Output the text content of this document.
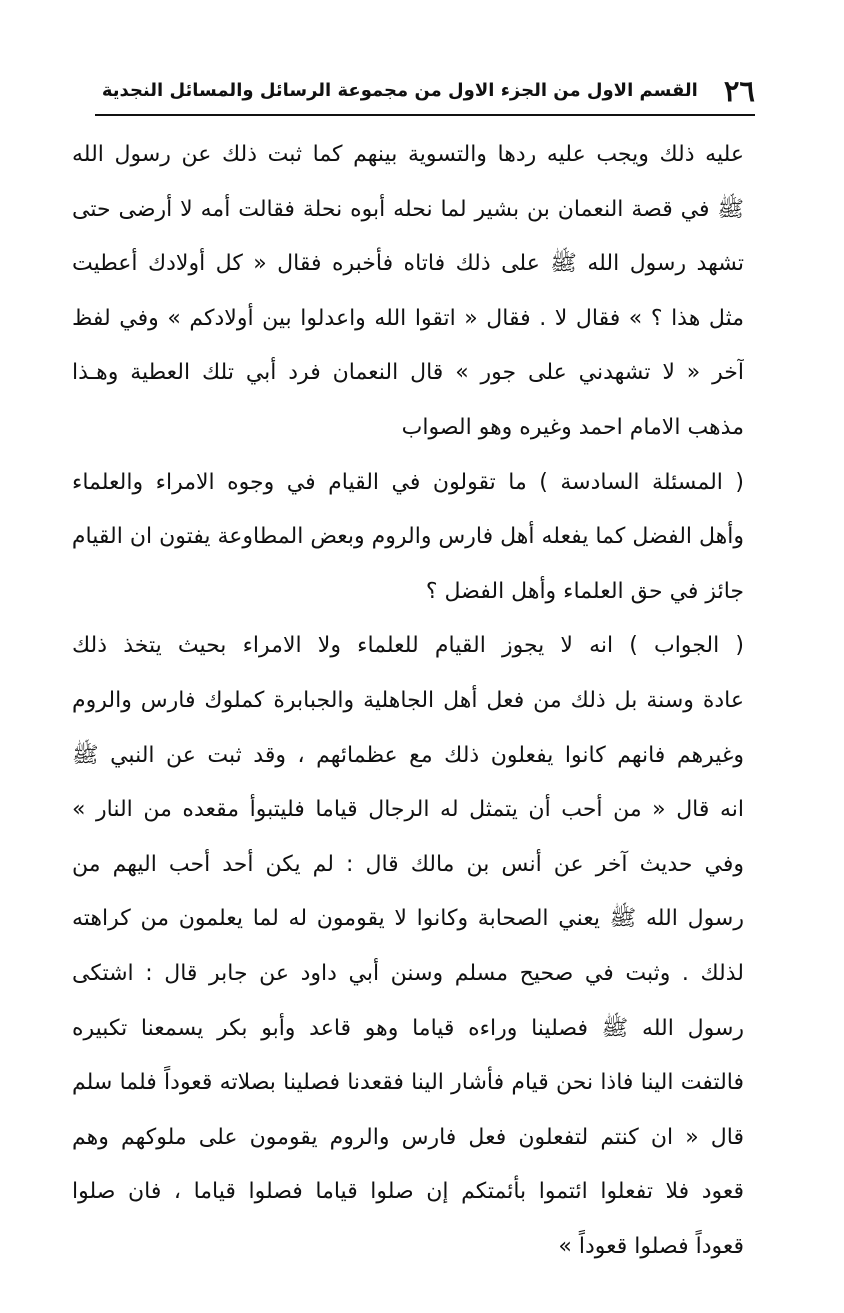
٢٦
القسم الاول من الجزء الاول من مجموعة الرسائل والمسائل النجدية
عليه ذلك ويجب عليه ردها والتسوية بينهم كما ثبت ذلك عن رسول الله
ﷺ في قصة النعمان بن بشير لما نحله أبوه نحلة فقالت أمه لا أرضى حتى
تشهد رسول الله ﷺ على ذلك فاتاه فأخبره فقال « كل أولادك أعطيت
مثل هذا ؟ » فقال لا . فقال « اتقوا الله واعدلوا بين أولادكم » وفي لفظ
آخر « لا تشهدني على جور » قال النعمان فرد أبي تلك العطية وهـذا
مذهب الامام احمد وغيره وهو الصواب
( المسئلة السادسة ) ما تقولون في القيام في وجوه الامراء والعلماء
وأهل الفضل كما يفعله أهل فارس والروم وبعض المطاوعة يفتون ان القيام
جائز في حق العلماء وأهل الفضل ؟
( الجواب ) انه لا يجوز القيام للعلماء ولا الامراء بحيث يتخذ ذلك
عادة وسنة بل ذلك من فعل أهل الجاهلية والجبابرة كملوك فارس والروم
وغيرهم فانهم كانوا يفعلون ذلك مع عظمائهم ، وقد ثبت عن النبي ﷺ
انه قال « من أحب أن يتمثل له الرجال قياما فليتبوأ مقعده من النار »
وفي حديث آخر عن أنس بن مالك قال : لم يكن أحد أحب اليهم من
رسول الله ﷺ يعني الصحابة وكانوا لا يقومون له لما يعلمون من كراهته
لذلك . وثبت في صحيح مسلم وسنن أبي داود عن جابر قال : اشتكى
رسول الله ﷺ فصلينا وراءه قياما وهو قاعد وأبو بكر يسمعنا تكبيره
فالتفت الينا فاذا نحن قيام فأشار الينا فقعدنا فصلينا بصلاته قعوداً فلما سلم
قال « ان كنتم لتفعلون فعل فارس والروم يقومون على ملوكهم وهم
قعود فلا تفعلوا ائتموا بأئمتكم إن صلوا قياما فصلوا قياما ، فان صلوا
قعوداً فصلوا قعوداً »
